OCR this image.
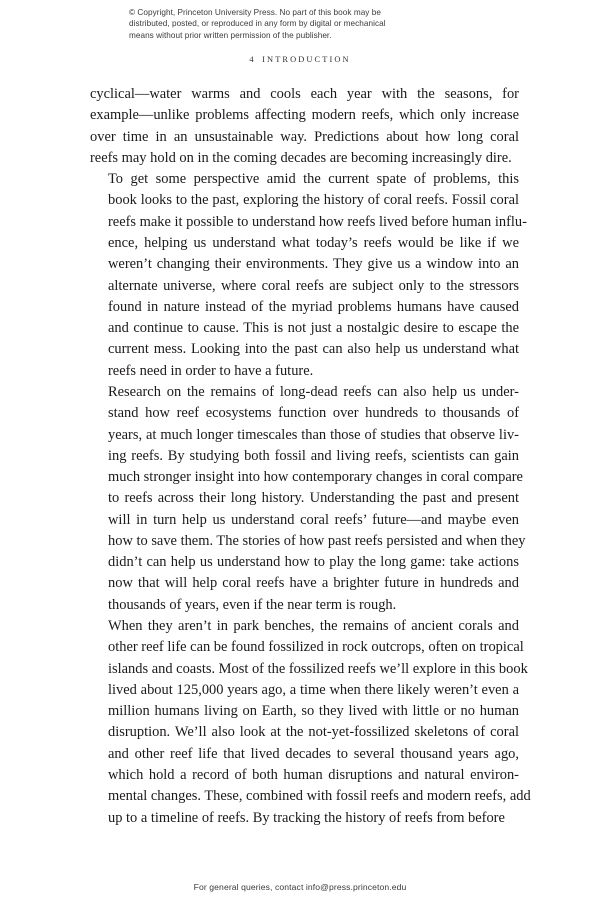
© Copyright, Princeton University Press. No part of this book may be
distributed, posted, or reproduced in any form by digital or mechanical
means without prior written permission of the publisher.
4 INTRODUCTION

cyclical—water warms and cools each year with the seasons, for
example—unlike problems affecting modern reefs, which only increase
over time in an unsustainable way. Predictions about how long coral
reefs may hold on in the coming decades are becoming increasingly dire.

To get some perspective amid the current spate of problems, this
book looks to the past, exploring the history of coral reefs. Fossil coral
reefs make it possible to understand how reefs lived before human influ-
ence, helping us understand what today’s reefs would be like if we
weren’t changing their environments. They give us a window into an
alternate universe, where coral reefs are subject only to the stressors
found in nature instead of the myriad problems humans have caused
and continue to cause. This is not just a nostalgic desire to escape the
current mess. Looking into the past can also help us understand what
reefs need in order to have a future.

Research on the remains of long-dead reefs can also help us under-
stand how reef ecosystems function over hundreds to thousands of
years, at much longer timescales than those of studies that observe liv-
ing reefs. By studying both fossil and living reefs, scientists can gain
much stronger insight into how contemporary changes in coral compare
to reefs across their long history. Understanding the past and present
will in turn help us understand coral reefs’ future—and maybe even
how to save them. The stories of how past reefs persisted and when they
didn’t can help us understand how to play the long game: take actions
now that will help coral reefs have a brighter future in hundreds and
thousands of years, even if the near term is rough.

When they aren’t in park benches, the remains of ancient corals and
other reef life can be found fossilized in rock outcrops, often on tropical
islands and coasts. Most of the fossilized reefs we’ll explore in this book
lived about 125,000 years ago, a time when there likely weren’t even a
million humans living on Earth, so they lived with little or no human
disruption. We’ll also look at the not-yet-fossilized skeletons of coral
and other reef life that lived decades to several thousand years ago,
which hold a record of both human disruptions and natural environ-
mental changes. These, combined with fossil reefs and modern reefs, add
up to a timeline of reefs. By tracking the history of reefs from before

For general queries, contact info@press.princeton.edu
